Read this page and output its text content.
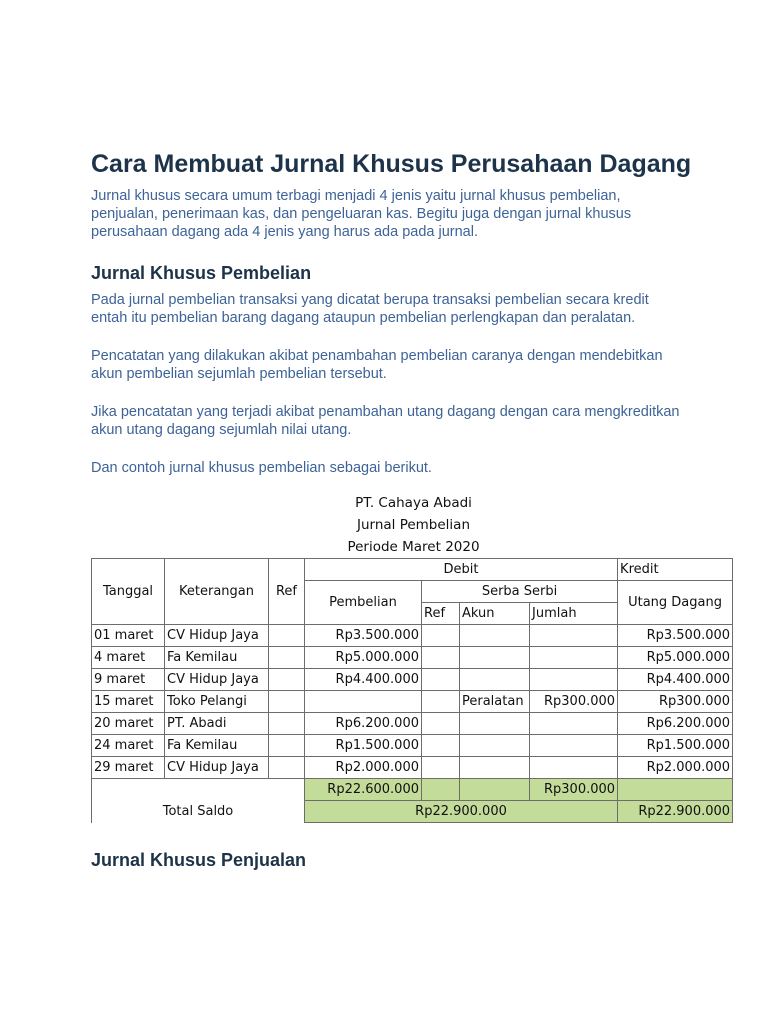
Cara Membuat Jurnal Khusus Perusahaan Dagang

Jurnal khusus secara umum terbagi menjadi 4 jenis yaitu jurnal khusus pembelian, penjualan, penerimaan kas, dan pengeluaran kas. Begitu juga dengan jurnal khusus perusahaan dagang ada 4 jenis yang harus ada pada jurnal.

Jurnal Khusus Pembelian

Pada jurnal pembelian transaksi yang dicatat berupa transaksi pembelian secara kredit entah itu pembelian barang dagang ataupun pembelian perlengkapan dan peralatan.

Pencatatan yang dilakukan akibat penambahan pembelian caranya dengan mendebitkan akun pembelian sejumlah pembelian tersebut.

Jika pencatatan yang terjadi akibat penambahan utang dagang dengan cara mengkreditkan akun utang dagang sejumlah nilai utang.

Dan contoh jurnal khusus pembelian sebagai berikut.

PT. Cahaya Abadi
Jurnal Pembelian
Periode Maret 2020
Tanggal	Keterangan	Ref	Debit				Kredit
			Pembelian	Serba Serbi			Utang Dagang
				Ref	Akun	Jumlah	
01 maret	CV Hidup Jaya		Rp3.500.000				Rp3.500.000
4 maret	Fa Kemilau		Rp5.000.000				Rp5.000.000
9 maret	CV Hidup Jaya		Rp4.400.000				Rp4.400.000
15 maret	Toko Pelangi				Peralatan	Rp300.000	Rp300.000
20 maret	PT. Abadi		Rp6.200.000				Rp6.200.000
24 maret	Fa Kemilau		Rp1.500.000				Rp1.500.000
29 maret	CV Hidup Jaya		Rp2.000.000				Rp2.000.000
			Rp22.600.000			Rp300.000	
Total Saldo			Rp22.900.000				Rp22.900.000
Jurnal Khusus Penjualan
